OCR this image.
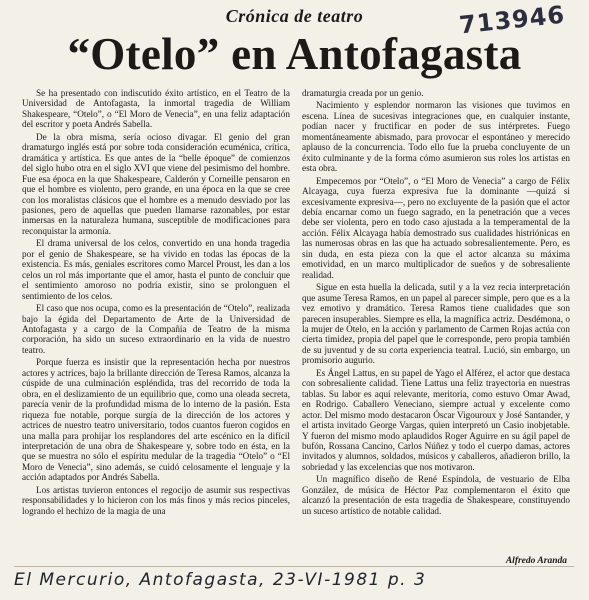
Crónica de teatro
“Otelo” en Antofagasta
713946

Se ha presentado con indiscutido éxito artístico, en el Teatro de la Universidad de Antofagasta, la inmortal tragedia de William Shakespeare, “Otelo”, o “El Moro de Venecia”, en una feliz adaptación del escritor y poeta Andrés Sabella.

De la obra misma, sería ocioso divagar. El genio del gran dramaturgo inglés está por sobre toda consideración ecuménica, crítica, dramática y artística. Es que antes de la “belle époque” de comienzos del siglo hubo otra en el siglo XVI que viene del pesimismo del hombre. Fue esa época en la que Shakespeare, Calderón y Corneille pensaron en que el hombre es violento, pero grande, en una época en la que se cree con los moralistas clásicos que el hombre es a menudo desviado por las pasiones, pero de aquellas que pueden llamarse razonables, por estar inmersas en la naturaleza humana, susceptible de modificaciones para reconquistar la armonía.

El drama universal de los celos, convertido en una honda tragedia por el genio de Shakespeare, se ha vivido en todas las épocas de la existencia. Es más, geniales escritores como Marcel Proust, les dan a los celos un rol más importante que el amor, hasta el punto de concluir que el sentimiento amoroso no podría existir, sino se prolonguen el sentimiento de los celos.

El caso que nos ocupa, como es la presentación de “Otelo”, realizada bajo la égida del Departamento de Arte de la Universidad de Antofagasta y a cargo de la Compañía de Teatro de la misma corporación, ha sido un suceso extraordinario en la vida de nuestro teatro.

Porque fuerza es insistir que la representación hecha por nuestros actores y actrices, bajo la brillante dirección de Teresa Ramos, alcanza la cúspide de una culminación espléndida, tras del recorrido de toda la obra, en el deslizamiento de un equilibrio que, como una oleada secreta, parecía venir de la profundidad misma de lo interno de la pasión. Esta riqueza fue notable, porque surgía de la dirección de los actores y actrices de nuestro teatro universitario, todos cuantos fueron cogidos en una malla para prohijar los resplandores del arte escénico en la difícil interpretación de una obra de Shakespeare y, sobre todo en ésta, en la que se muestra no sólo el espíritu medular de la tragedia “Otelo” o “El Moro de Venecia”, sino además, se cuidó celosamente el lenguaje y la acción adaptados por Andrés Sabella.

Los artistas tuvieron entonces el regocijo de asumir sus respectivas responsabilidades y lo hicieron con los más finos y más recios pinceles, logrando el hechizo de la magia de una

dramaturgia creada por un genio.

Nacimiento y esplendor normaron las visiones que tuvimos en escena. Línea de sucesivas integraciones que, en cualquier instante, podían nacer y fructificar en poder de sus intérpretes. Fuego momentáneamente abismado, para provocar el espontáneo y merecido aplauso de la concurrencia. Todo ello fue la prueba concluyente de un éxito culminante y de la forma cómo asumieron sus roles los artistas en esta obra.

Empecemos por “Otelo”, o “El Moro de Venecia” a cargo de Félix Alcayaga, cuya fuerza expresiva fue la dominante —quizá si excesivamente expresiva—, pero no excluyente de la pasión que el actor debía encarnar como un fuego sagrado, en la penetración que a veces debe ser violenta, pero en todo caso ajustada a la temperamental de la acción. Félix Alcayaga había demostrado sus cualidades histriónicas en las numerosas obras en las que ha actuado sobresalientemente. Pero, es sin duda, en esta pieza con la que el actor alcanza su máxima emotividad, en un marco multiplicador de sueños y de sobresaliente realidad.

Sigue en esta huella la delicada, sutil y a la vez recia interpretación que asume Teresa Ramos, en un papel al parecer simple, pero que es a la vez emotivo y dramático. Teresa Ramos tiene cualidades que son parecen insuperables. Siempre es ella, la magnífica actriz. Desdémona, o la mujer de Otelo, en la acción y parlamento de Carmen Rojas actúa con cierta timidez, propia del papel que le corresponde, pero propia también de su juventud y de su corta experiencia teatral. Lució, sin embargo, un promisorio augurio.

Es Ángel Lattus, en su papel de Yago el Alférez, el actor que destaca con sobresaliente calidad. Tiene Lattus una feliz trayectoria en nuestras tablas. Su labor es aquí relevante, meritoria, como estuvo Omar Awad, en Rodrigo. Caballero Veneciano, siempre actual y excelente como actor. Del mismo modo destacaron Óscar Vigouroux y José Santander, y el artista invitado George Vargas, quien interpretó un Casio inobjetable. Y fueron del mismo modo aplaudidos Roger Aguirre en su ágil papel de bufón, Rossana Cancino, Carlos Núñez y todo el cuerpo damas, actores invitados y alumnos, soldados, músicos y caballeros, añadieron brillo, la sobriedad y las excelencias que nos motivaron.

Un magnífico diseño de René Espíndola, de vestuario de Elba González, de música de Héctor Paz complementaron el éxito que alcanzó la presentación de esta tragedia de Shakespeare, constituyendo un suceso artístico de notable calidad.

Alfredo Aranda
El Mercurio, Antofagasta, 23-VI-1981 p. 3
